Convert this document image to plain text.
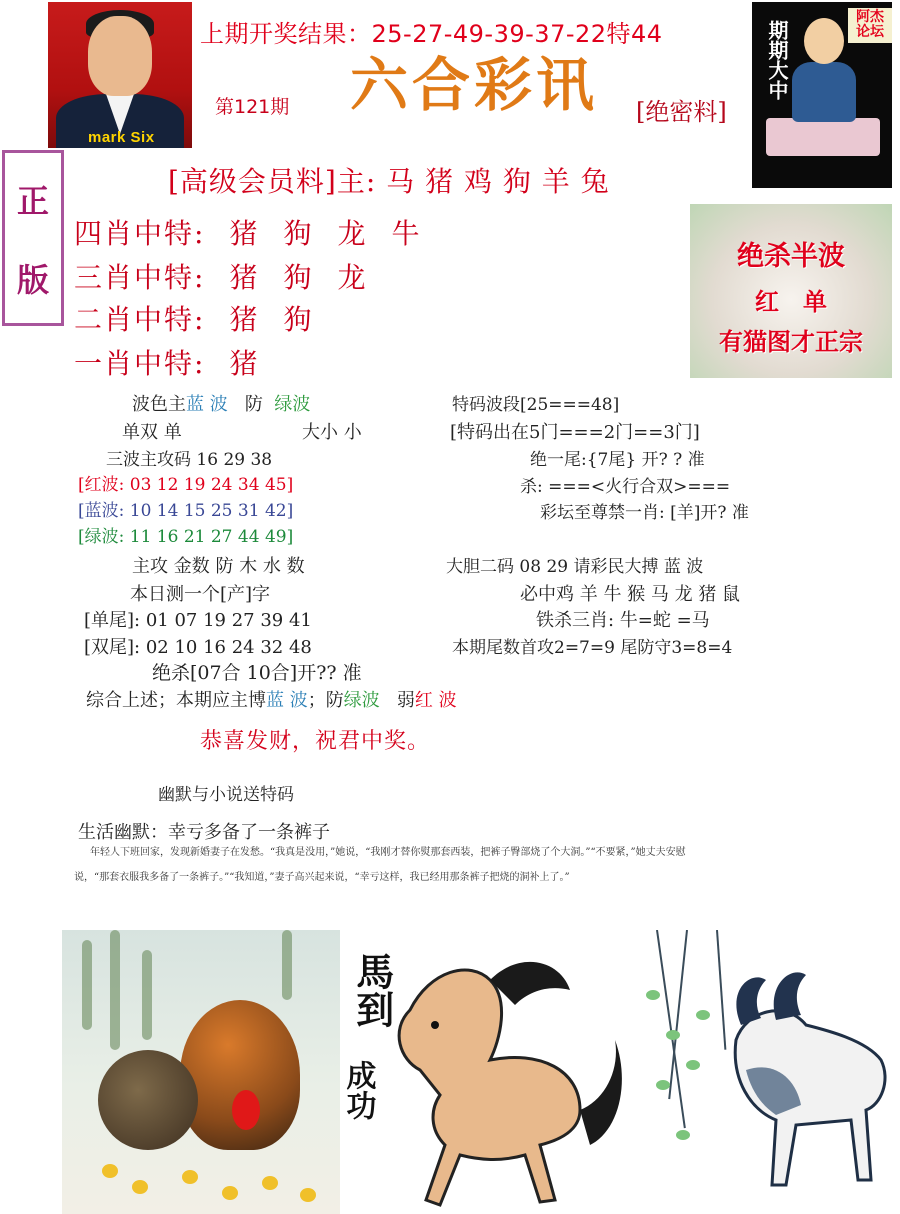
mark Six
上期开奖结果：25-27-49-39-37-22特44
第121期 六合彩讯 [绝密料]
期期大中
阿杰论坛
正
版
[高级会员料]主: 马 猪 鸡 狗 羊 兔
四肖中特: 猪狗龙牛
三肖中特: 猪狗龙
二肖中特: 猪狗
一肖中特: 猪
绝杀半波
红　单
有猫图才正宗
波色主蓝 波 防 绿波
单双 单	大小 小
三波主攻码 16 29 38
[红波: 03 12 19 24 34 45]
[蓝波: 10 14 15 25 31 42]
[绿波: 11 16 21 27 44 49]
主攻 金数 防 木 水 数
本日测一个[产]字
[单尾]: 01 07 19 27 39 41
[双尾]: 02 10 16 24 32 48
绝杀[07合 10合]开?? 准
综合上述；本期应主博蓝 波；防绿波 弱红 波
特码波段[25===48]
[特码出在5门===2门==3门]
绝一尾:{7尾} 开? ? 准
杀: ===<火行合双>===
彩坛至尊禁一肖: [羊]开? 准
大胆二码 08 29 请彩民大搏 蓝 波
必中鸡 羊 牛 猴 马 龙 猪 鼠
铁杀三肖: 牛=蛇 =马
本期尾数首攻2=7=9 尾防守3=8=4
恭喜发财，祝君中奖。
幽默与小说送特码
生活幽默：幸亏多备了一条裤子
年轻人下班回家，发现新婚妻子在发愁。“我真是没用，”她说，“我刚才替你熨那套西装，把裤子臀部烧了个大洞。”“不要紧，”她丈夫安慰
说，“那套衣服我多备了一条裤子。”“我知道，”妻子高兴起来说，“幸亏这样，我已经用那条裤子把烧的洞补上了。”
馬到
成功
